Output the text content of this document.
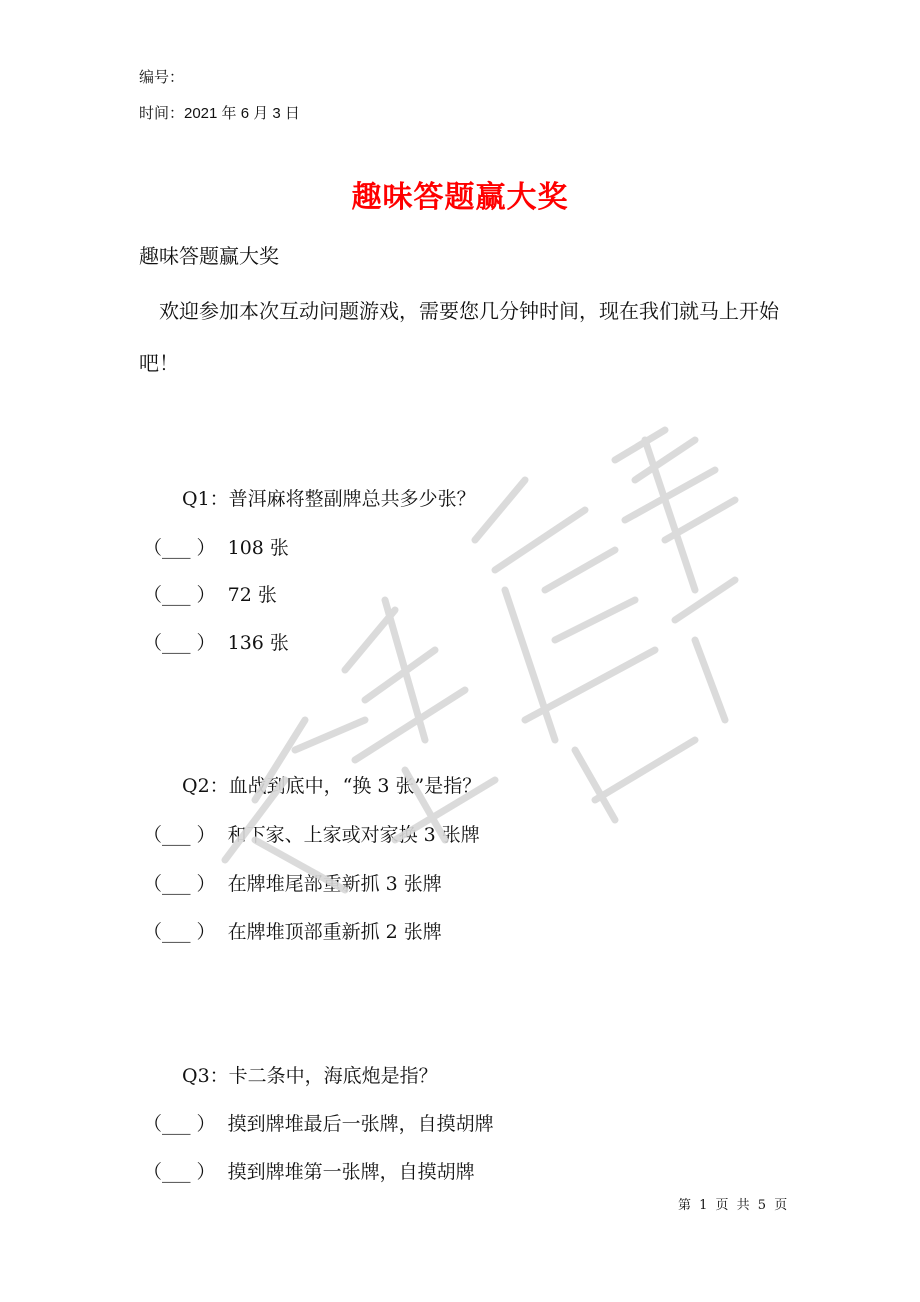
编号：
时间：2021 年 6 月 3 日
趣味答题赢大奖
趣味答题赢大奖
欢迎参加本次互动问题游戏，需要您几分钟时间，现在我们就马上开始吧！
Q1：普洱麻将整副牌总共多少张？
（___ ）  108 张
（___ ）  72 张
（___ ）  136 张
Q2：血战到底中，“换 3 张”是指？
（___ ）  和下家、上家或对家换 3 张牌
（___ ）  在牌堆尾部重新抓 3 张牌
（___ ）  在牌堆顶部重新抓 2 张牌
Q3：卡二条中，海底炮是指？
（___ ）  摸到牌堆最后一张牌，自摸胡牌
（___ ）  摸到牌堆第一张牌，自摸胡牌
第 1 页 共 5 页
